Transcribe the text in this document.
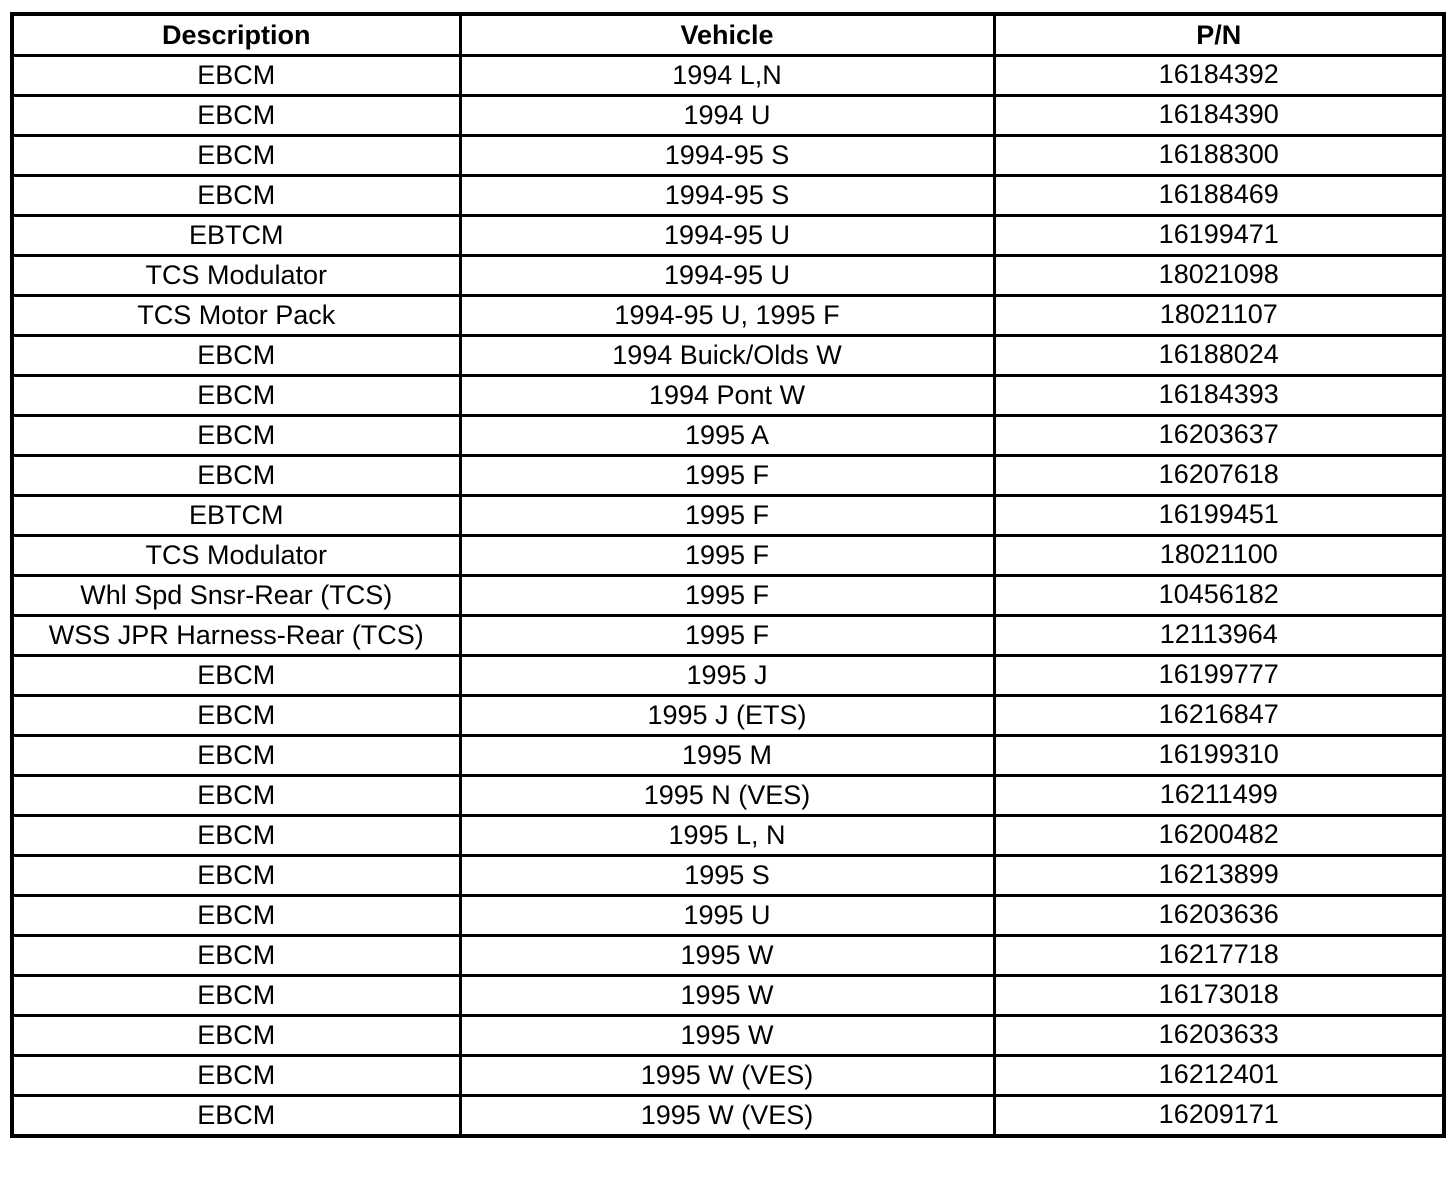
Description	Vehicle	P/N
EBCM	1994 L,N	16184392
EBCM	1994 U	16184390
EBCM	1994-95 S	16188300
EBCM	1994-95 S	16188469
EBTCM	1994-95 U	16199471
TCS Modulator	1994-95 U	18021098
TCS Motor Pack	1994-95 U, 1995 F	18021107
EBCM	1994 Buick/Olds W	16188024
EBCM	1994 Pont W	16184393
EBCM	1995 A	16203637
EBCM	1995 F	16207618
EBTCM	1995 F	16199451
TCS Modulator	1995 F	18021100
Whl Spd Snsr-Rear (TCS)	1995 F	10456182
WSS JPR Harness-Rear (TCS)	1995 F	12113964
EBCM	1995 J	16199777
EBCM	1995 J (ETS)	16216847
EBCM	1995 M	16199310
EBCM	1995 N (VES)	16211499
EBCM	1995 L, N	16200482
EBCM	1995 S	16213899
EBCM	1995 U	16203636
EBCM	1995 W	16217718
EBCM	1995 W	16173018
EBCM	1995 W	16203633
EBCM	1995 W (VES)	16212401
EBCM	1995 W (VES)	16209171
